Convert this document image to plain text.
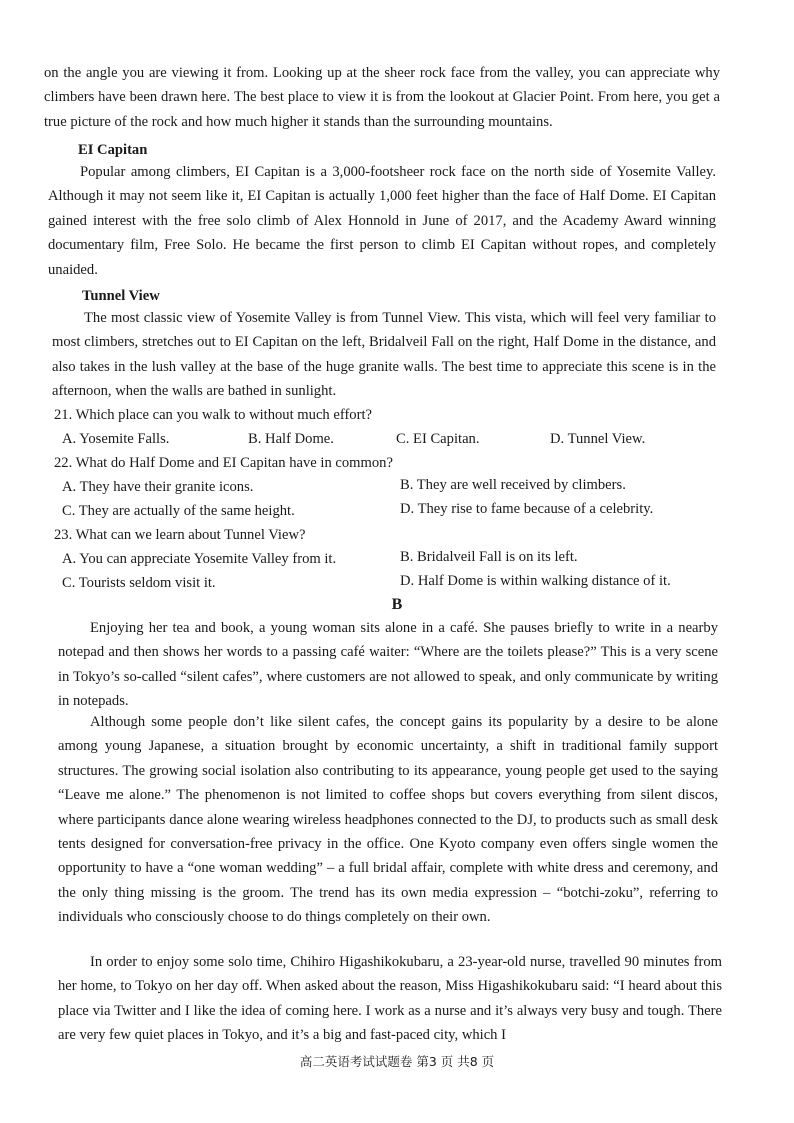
on the angle you are viewing it from. Looking up at the sheer rock face from the valley, you can appreciate why climbers have been drawn here. The best place to view it is from the lookout at Glacier Point. From here, you get a true picture of the rock and how much higher it stands than the surrounding mountains.

EI Capitan

Popular among climbers, EI Capitan is a 3,000-footsheer rock face on the north side of Yosemite Valley. Although it may not seem like it, EI Capitan is actually 1,000 feet higher than the face of Half Dome. EI Capitan gained interest with the free solo climb of Alex Honnold in June of 2017, and the Academy Award winning documentary film, Free Solo. He became the first person to climb EI Capitan without ropes, and completely unaided.

Tunnel View

The most classic view of Yosemite Valley is from Tunnel View. This vista, which will feel very familiar to most climbers, stretches out to EI Capitan on the left, Bridalveil Fall on the right, Half Dome in the distance, and also takes in the lush valley at the base of the huge granite walls. The best time to appreciate this scene is in the afternoon, when the walls are bathed in sunlight.

21. Which place can you walk to without much effort?
A. Yosemite Falls.	B. Half Dome.	C. EI Capitan.	D. Tunnel View.
22. What do Half Dome and EI Capitan have in common?
A. They have their granite icons.	B. They are well received by climbers.
C. They are actually of the same height.	D. They rise to fame because of a celebrity.
23. What can we learn about Tunnel View?
A. You can appreciate Yosemite Valley from it.	B. Bridalveil Fall is on its left.
C. Tourists seldom visit it.	D. Half Dome is within walking distance of it.
B

Enjoying her tea and book, a young woman sits alone in a café. She pauses briefly to write in a nearby notepad and then shows her words to a passing café waiter: “Where are the toilets please?” This is a very scene in Tokyo’s so-called “silent cafes”, where customers are not allowed to speak, and only communicate by writing in notepads.

Although some people don’t like silent cafes, the concept gains its popularity by a desire to be alone among young Japanese, a situation brought by economic uncertainty, a shift in traditional family support structures. The growing social isolation also contributing to its appearance, young people get used to the saying “Leave me alone.” The phenomenon is not limited to coffee shops but covers everything from silent discos, where participants dance alone wearing wireless headphones connected to the DJ, to products such as small desk tents designed for conversation-free privacy in the office. One Kyoto company even offers single women the opportunity to have a “one woman wedding” – a full bridal affair, complete with white dress and ceremony, and the only thing missing is the groom. The trend has its own media expression – “botchi-zoku”, referring to individuals who consciously choose to do things completely on their own.

In order to enjoy some solo time, Chihiro Higashikokubaru, a 23-year-old nurse, travelled 90 minutes from her home, to Tokyo on her day off. When asked about the reason, Miss Higashikokubaru said: “I heard about this place via Twitter and I like the idea of coming here. I work as a nurse and it’s always very busy and tough. There are very few quiet places in Tokyo, and it’s a big and fast-paced city, which I

高二英语考试试题卷 第3 页 共8 页
